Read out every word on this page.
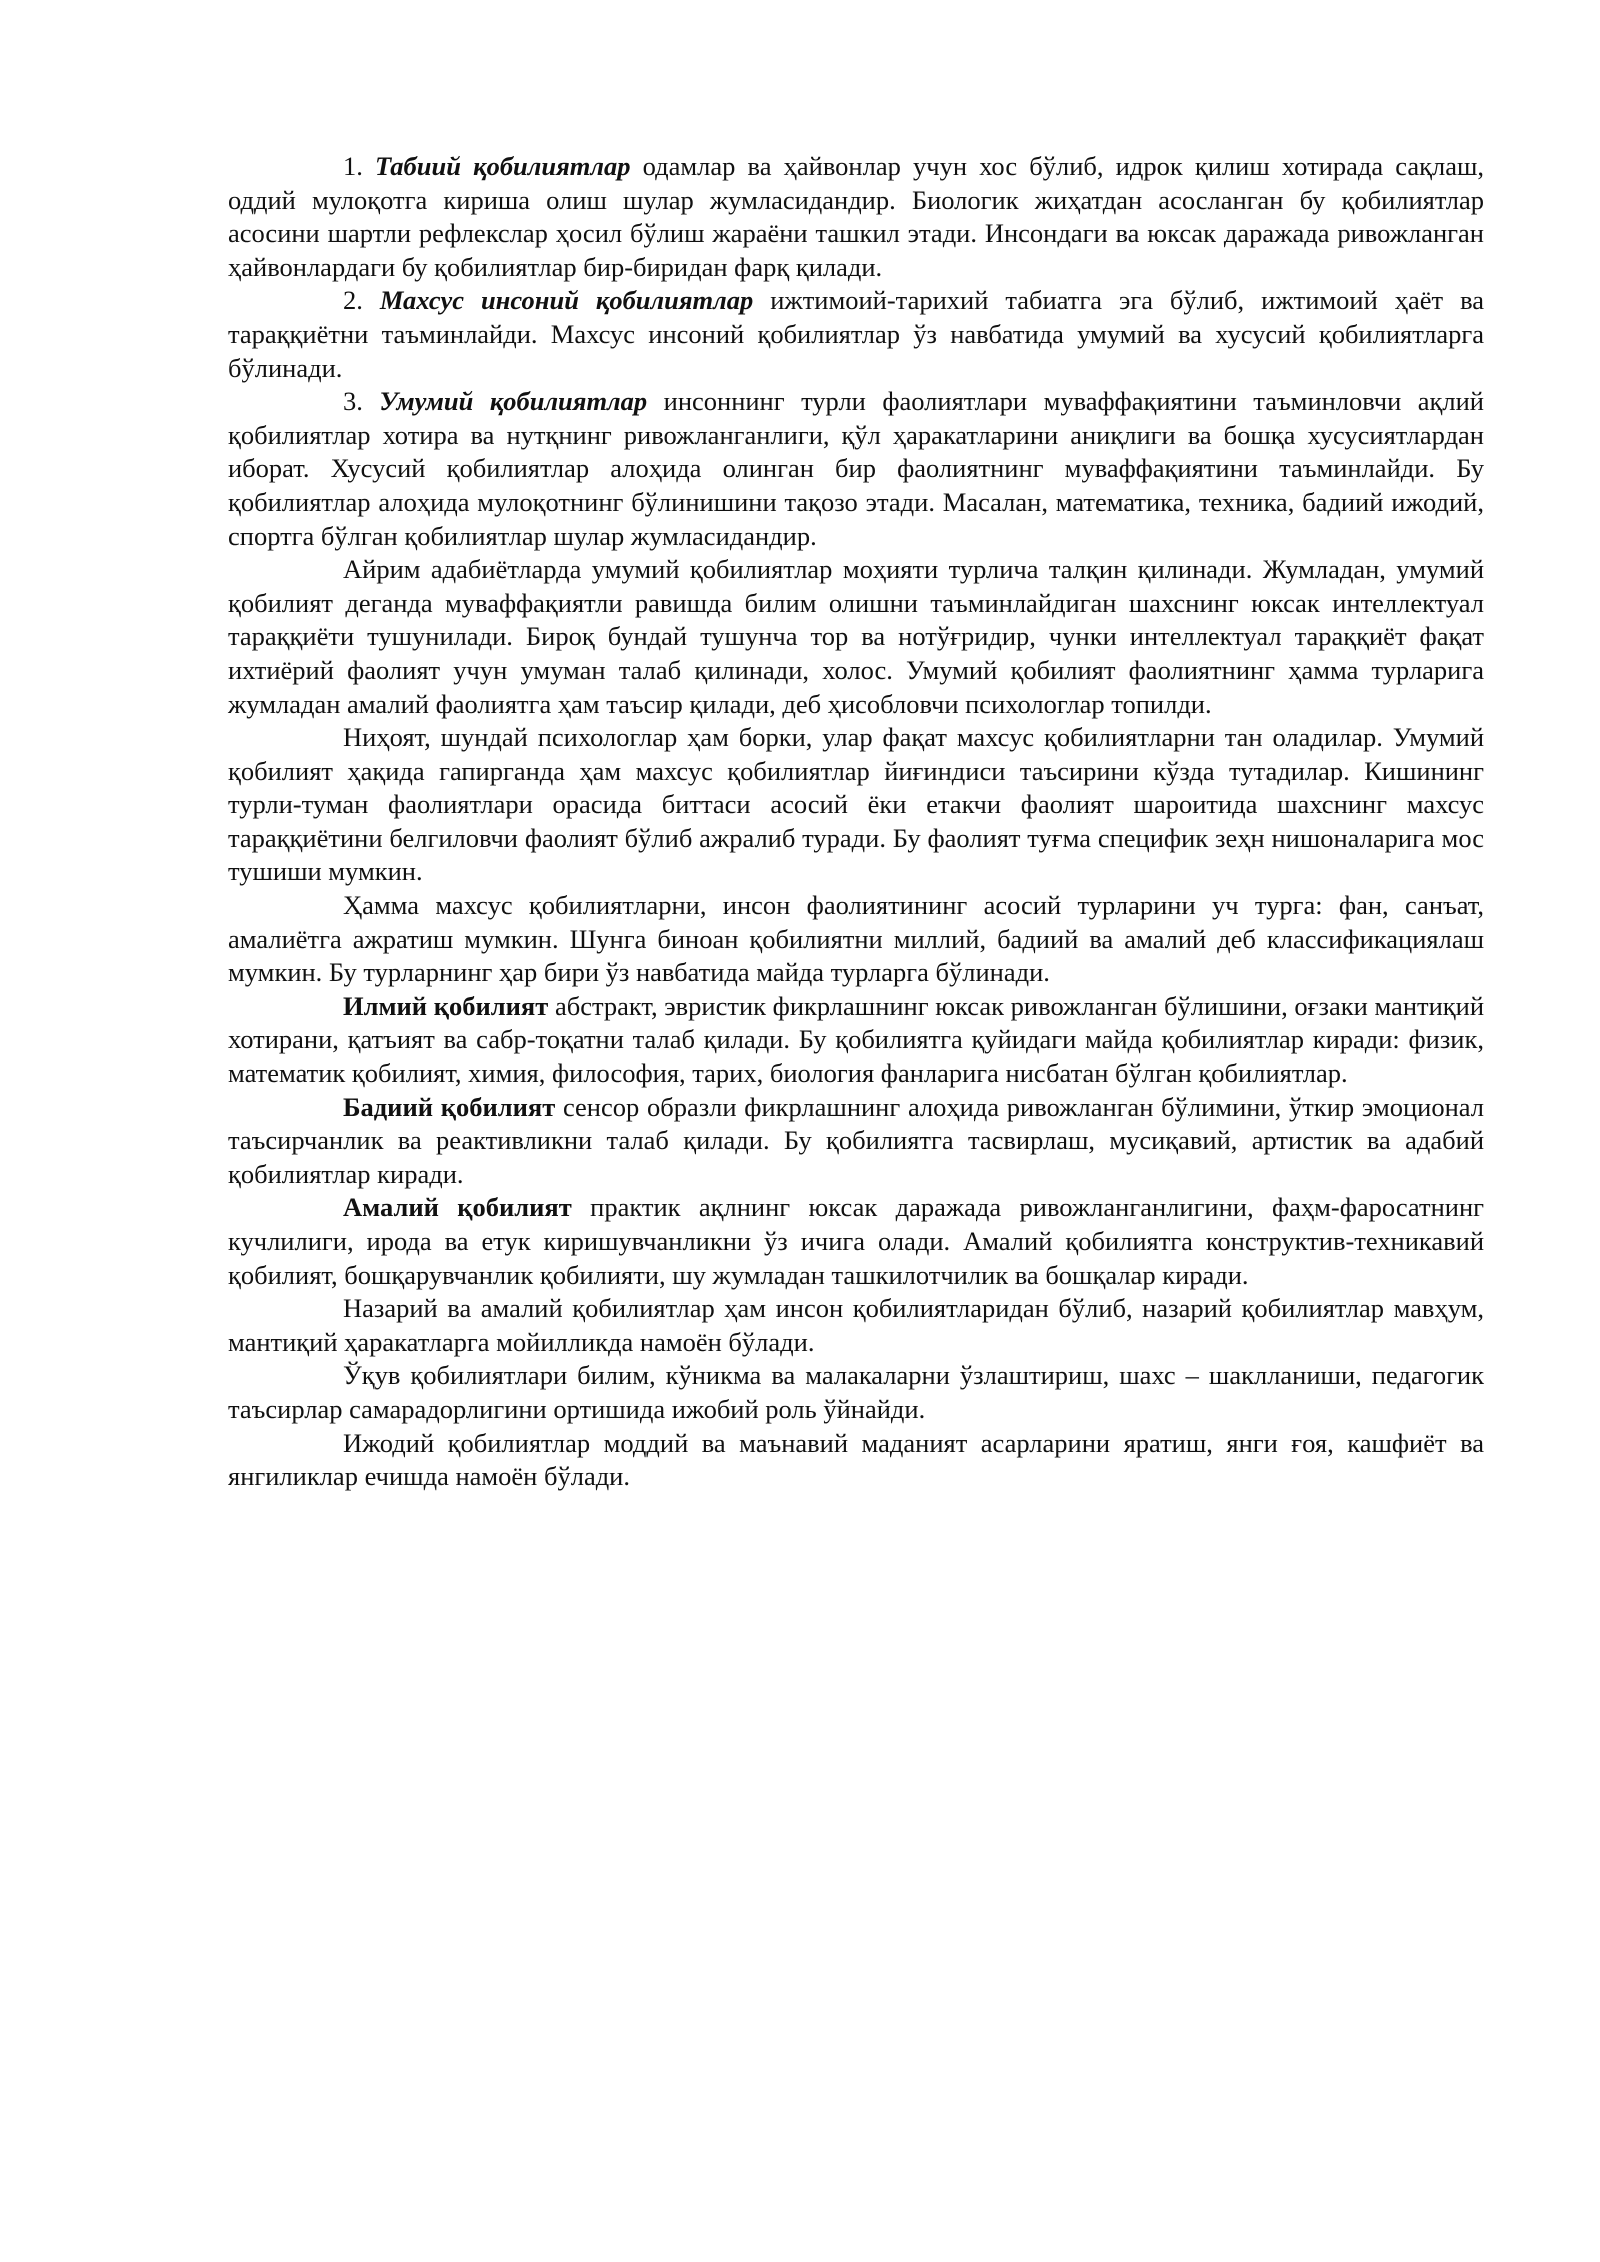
1. Табиий қобилиятлар одамлар ва ҳайвонлар учун хос бўлиб, идрок қилиш хотирада сақлаш, оддий мулоқотга кириша олиш шулар жумласидандир. Биологик жиҳатдан асосланган бу қобилиятлар асосини шартли рефлекслар ҳосил бўлиш жараёни ташкил этади. Инсондаги ва юксак даражада ривожланган ҳайвонлардаги бу қобилиятлар бир-биридан фарқ қилади.

2. Махсус инсоний қобилиятлар ижтимоий-тарихий табиатга эга бўлиб, ижтимоий ҳаёт ва тараққиётни таъминлайди. Махсус инсоний қобилиятлар ўз навбатида умумий ва хусусий қобилиятларга бўлинади.

3. Умумий қобилиятлар инсоннинг турли фаолиятлари муваффақиятини таъминловчи ақлий қобилиятлар хотира ва нутқнинг ривожланганлиги, қўл ҳаракатларини аниқлиги ва бошқа хусусиятлардан иборат. Хусусий қобилиятлар алоҳида олинган бир фаолиятнинг муваффақиятини таъминлайди. Бу қобилиятлар алоҳида мулоқотнинг бўлинишини тақозо этади. Масалан, математика, техника, бадиий ижодий, спортга бўлган қобилиятлар шулар жумласидандир.

Айрим адабиётларда умумий қобилиятлар моҳияти турлича талқин қилинади. Жумладан, умумий қобилият деганда муваффақиятли равишда билим олишни таъминлайдиган шахснинг юксак интеллектуал тараққиёти тушунилади. Бироқ бундай тушунча тор ва нотўғридир, чунки интеллектуал тараққиёт фақат ихтиёрий фаолият учун умуман талаб қилинади, холос. Умумий қобилият фаолиятнинг ҳамма турларига жумладан амалий фаолиятга ҳам таъсир қилади, деб ҳисобловчи психологлар топилди.

Ниҳоят, шундай психологлар ҳам борки, улар фақат махсус қобилиятларни тан оладилар. Умумий қобилият ҳақида гапирганда ҳам махсус қобилиятлар йиғиндиси таъсирини кўзда тутадилар. Кишининг турли-туман фаолиятлари орасида биттаси асосий ёки етакчи фаолият шароитида шахснинг махсус тараққиётини белгиловчи фаолият бўлиб ажралиб туради. Бу фаолият туғма специфик зеҳн нишоналарига мос тушиши мумкин.

Ҳамма махсус қобилиятларни, инсон фаолиятининг асосий турларини уч турга: фан, санъат, амалиётга ажратиш мумкин. Шунга биноан қобилиятни миллий, бадиий ва амалий деб классификациялаш мумкин. Бу турларнинг ҳар бири ўз навбатида майда турларга бўлинади.

Илмий қобилият абстракт, эвристик фикрлашнинг юксак ривожланган бўлишини, оғзаки мантиқий хотирани, қатъият ва сабр-тоқатни талаб қилади. Бу қобилиятга қуйидаги майда қобилиятлар киради: физик, математик қобилият, химия, философия, тарих, биология фанларига нисбатан бўлган қобилиятлар.

Бадиий қобилият сенсор образли фикрлашнинг алоҳида ривожланган бўлимини, ўткир эмоционал таъсирчанлик ва реактивликни талаб қилади. Бу қобилиятга тасвирлаш, мусиқавий, артистик ва адабий қобилиятлар киради.

Амалий қобилият практик ақлнинг юксак даражада ривожланганлигини, фаҳм-фаросатнинг кучлилиги, ирода ва етук киришувчанликни ўз ичига олади. Амалий қобилиятга конструктив-техникавий қобилият, бошқарувчанлик қобилияти, шу жумладан ташкилотчилик ва бошқалар киради.

Назарий ва амалий қобилиятлар ҳам инсон қобилиятларидан бўлиб, назарий қобилиятлар мавҳум, мантиқий ҳаракатларга мойилликда намоён бўлади.

Ўқув қобилиятлари билим, кўникма ва малакаларни ўзлаштириш, шахс – шаклланиши, педагогик таъсирлар самарадорлигини ортишида ижобий роль ўйнайди.

Ижодий қобилиятлар моддий ва маънавий маданият асарларини яратиш, янги ғоя, кашфиёт ва янгиликлар ечишда намоён бўлади.
